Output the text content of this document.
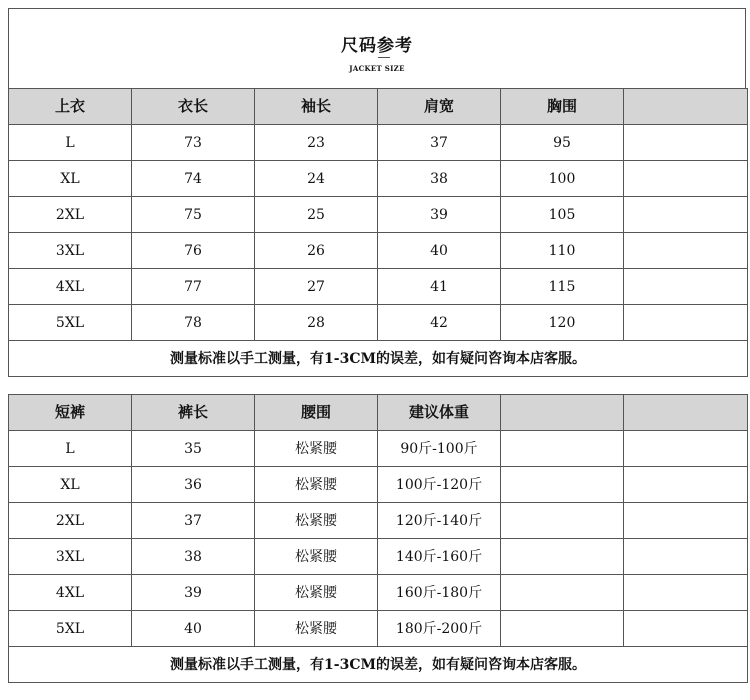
尺码参考
JACKET SIZE
上衣	衣长	袖长	肩宽	胸围	
L	73	23	37	95	
XL	74	24	38	100	
2XL	75	25	39	105	
3XL	76	26	40	110	
4XL	77	27	41	115	
5XL	78	28	42	120	
测量标准以手工测量，有1-3CM的误差，如有疑问咨询本店客服。					
短裤	裤长	腰围	建议体重		
L	35	松紧腰	90斤-100斤		
XL	36	松紧腰	100斤-120斤		
2XL	37	松紧腰	120斤-140斤		
3XL	38	松紧腰	140斤-160斤		
4XL	39	松紧腰	160斤-180斤		
5XL	40	松紧腰	180斤-200斤		
测量标准以手工测量，有1-3CM的误差，如有疑问咨询本店客服。					
